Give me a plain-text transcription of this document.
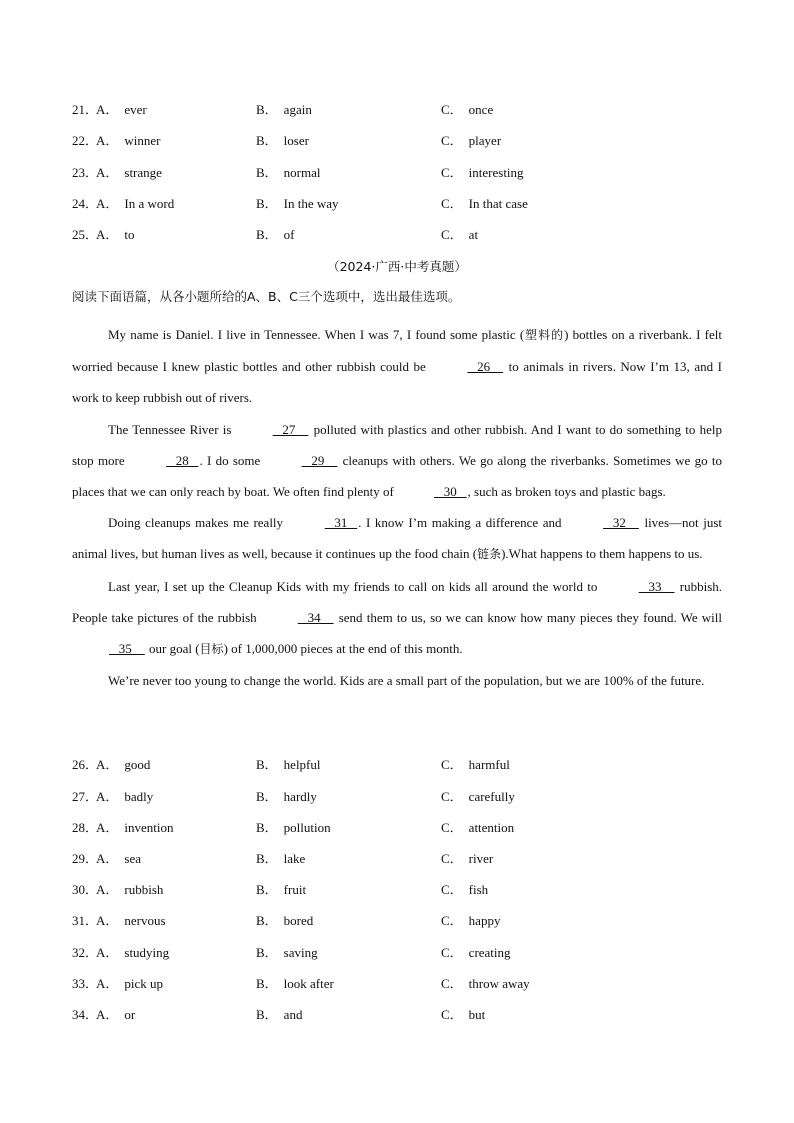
21．
A． ever	B． again	C． once
22．
A． winner	B． loser	C． player
23．
A． strange	B． normal	C． interesting
24．
A． In a word	B． In the way	C． In that case
25．
A． to	B． of	C． at
（2024·广西·中考真题）
阅读下面语篇，从各小题所给的A、B、C三个选项中，选出最佳选项。

My name is Daniel. I live in Tennessee. When I was 7, I found some plastic (塑料的) bottles on a riverbank. I felt worried because I knew plastic bottles and other rubbish could be	26     to animals in rivers. Now I’m 13, and I work to keep rubbish out of rivers.

The Tennessee River is	27     polluted with plastics and other rubbish. And I want to do something to help stop more	28   . I do some	29     cleanups with others. We go along the riverbanks. Sometimes we go to places that we can only reach by boat. We often find plenty of	30   , such as broken toys and plastic bags.

Doing cleanups makes me really	31   . I know I’m making a difference and	32     lives—not just animal lives, but human lives as well, because it continues up the food chain (链条).What happens to them happens to us.

Last year, I set up the Cleanup Kids with my friends to call on kids all around the world to	33     rubbish. People take pictures of the rubbish	34     send them to us, so we can know how many pieces they found. We will    35     our goal (目标) of 1,000,000 pieces at the end of this month.

We’re never too young to change the world. Kids are a small part of the population, but we are 100% of the future.

26．
A． good	B． helpful	C． harmful
27．
A． badly	B． hardly	C． carefully
28．
A． invention	B． pollution	C． attention
29．
A． sea	B． lake	C． river
30．
A． rubbish	B． fruit	C． fish
31．
A． nervous	B． bored	C． happy
32．
A． studying	B． saving	C． creating
33．
A． pick up	B． look after	C． throw away
34．
A． or	B． and	C． but
